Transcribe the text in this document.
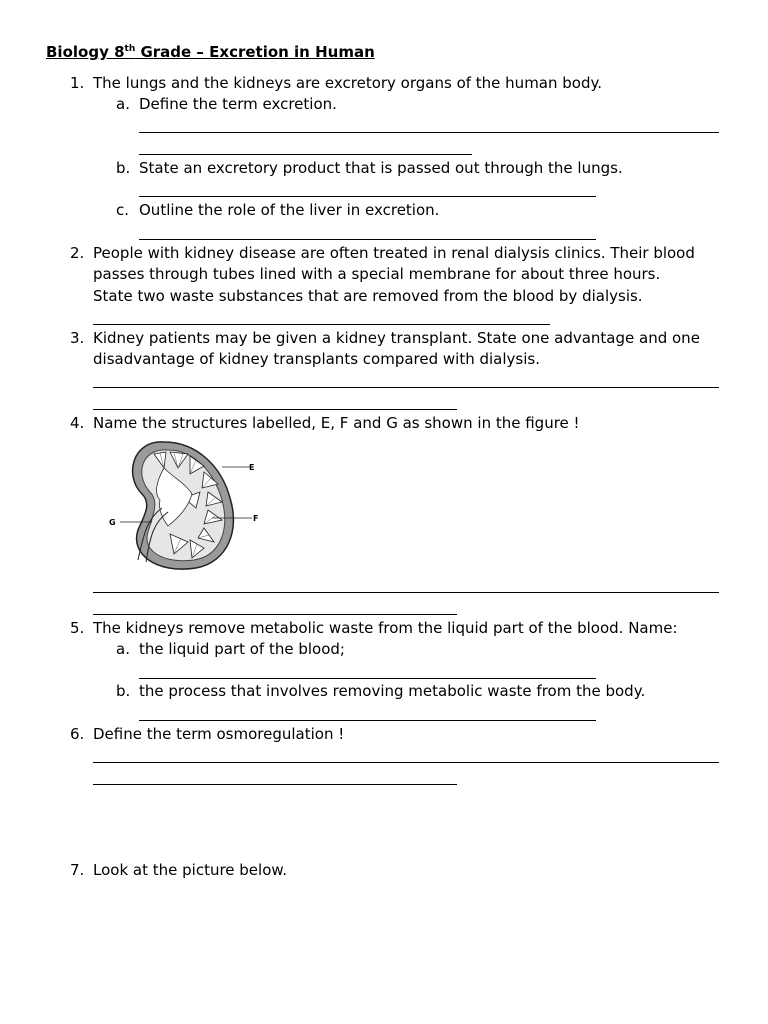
Biology 8th Grade – Excretion in Human
1. The lungs and the kidneys are excretory organs of the human body.
a. Define the term excretion.
b. State an excretory product that is passed out through the lungs.
c. Outline the role of the liver in excretion.
2. People with kidney disease are often treated in renal dialysis clinics. Their blood
passes through tubes lined with a special membrane for about three hours.
State two waste substances that are removed from the blood by dialysis.
3. Kidney patients may be given a kidney transplant. State one advantage and one
disadvantage of kidney transplants compared with dialysis.
4. Name the structures labelled, E, F and G as shown in the figure !
E
F
G
5. The kidneys remove metabolic waste from the liquid part of the blood. Name:
a. the liquid part of the blood;
b. the process that involves removing metabolic waste from the body.
6. Define the term osmoregulation !
7. Look at the picture below.
